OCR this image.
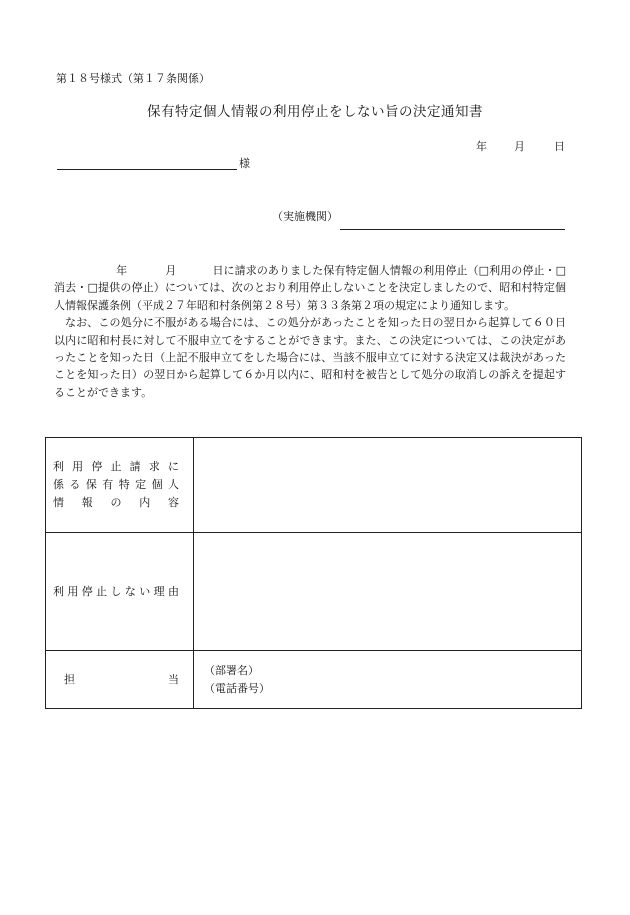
第１８号様式（第１７条関係）
保有特定個人情報の利用停止をしない旨の決定通知書
年 月	日
様
（実施機関）

年	月	日に請求のありました保有特定個人情報の利用停止（□利用の停止・□消去・□提供の停止）については、次のとおり利用停止しないことを決定しましたので、昭和村特定個人情報保護条例（平成２７年昭和村条例第２８号）第３３条第２項の規定により通知します。

なお、この処分に不服がある場合には、この処分があったことを知った日の翌日から起算して６０日以内に昭和村長に対して不服申立てをすることができます。また、この決定については、この決定があったことを知った日（上記不服申立てをした場合には、当該不服申立てに対する決定又は裁決があったことを知った日）の翌日から起算して６か月以内に、昭和村を被告として処分の取消しの訴えを提起することができます。

利用停止請求に
係る保有特定個人
情報の内容	

利用停止しない理由	

担当	（部署名）
（電話番号）
